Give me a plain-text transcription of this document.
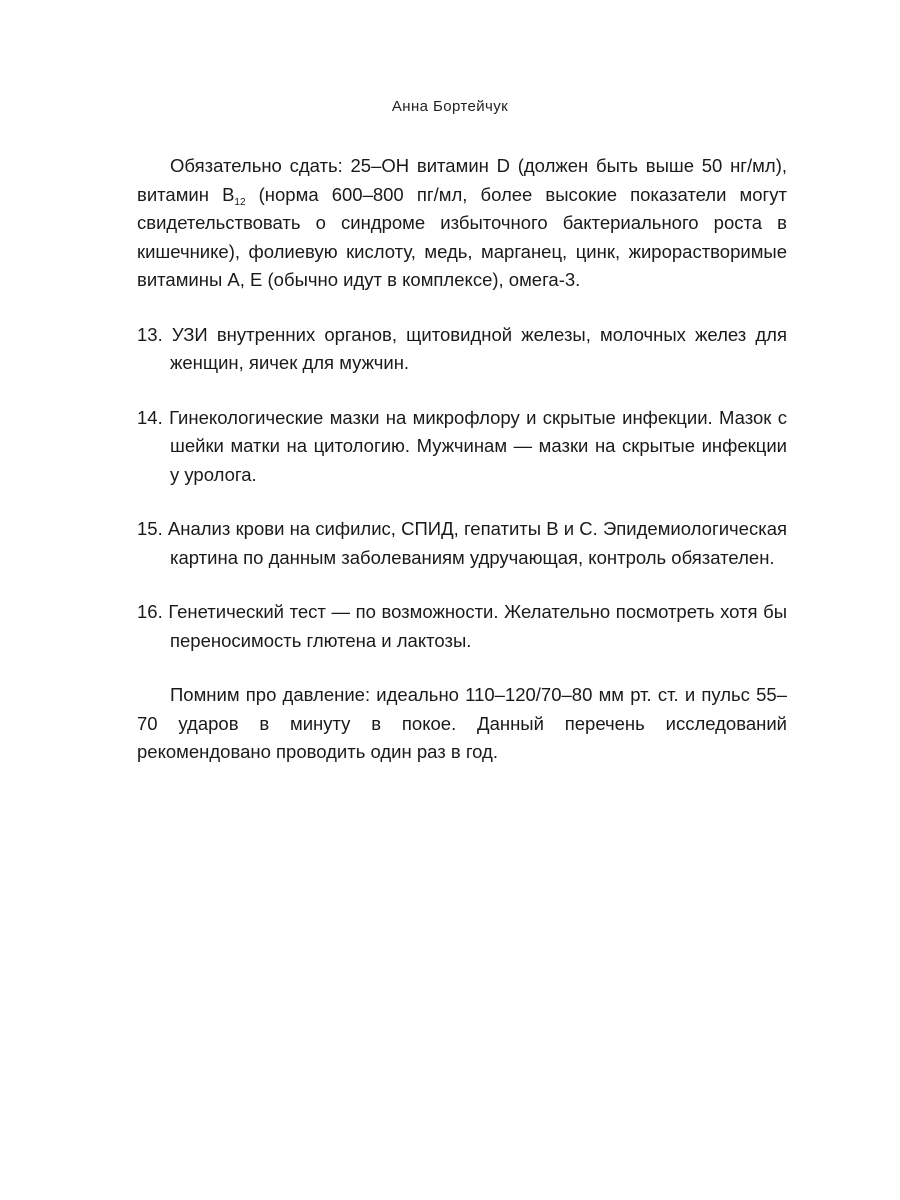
Анна Бортейчук

Обязательно сдать: 25–ОН витамин D (должен быть выше 50 нг/мл), витамин $B_{12}$ (норма 600–800 пг/мл, более высокие показатели могут свидетельствовать о синдроме избыточного бактериального роста в кишечнике), фолиевую кислоту, медь, марганец, цинк, жирорастворимые витамины А, Е (обычно идут в комплексе), омега-3.

13. УЗИ внутренних органов, щитовидной железы, молочных желез для женщин, яичек для мужчин.

14. Гинекологические мазки на микрофлору и скрытые инфекции. Мазок с шейки матки на цитологию. Мужчинам — мазки на скрытые инфекции у уролога.

15. Анализ крови на сифилис, СПИД, гепатиты В и С. Эпидемиологическая картина по данным заболеваниям удручающая, контроль обязателен.

16. Генетический тест — по возможности. Желательно посмотреть хотя бы переносимость глютена и лактозы.

Помним про давление: идеально 110–120/70–80 мм рт. ст. и пульс 55–70 ударов в минуту в покое. Данный перечень исследований рекомендовано проводить один раз в год.
